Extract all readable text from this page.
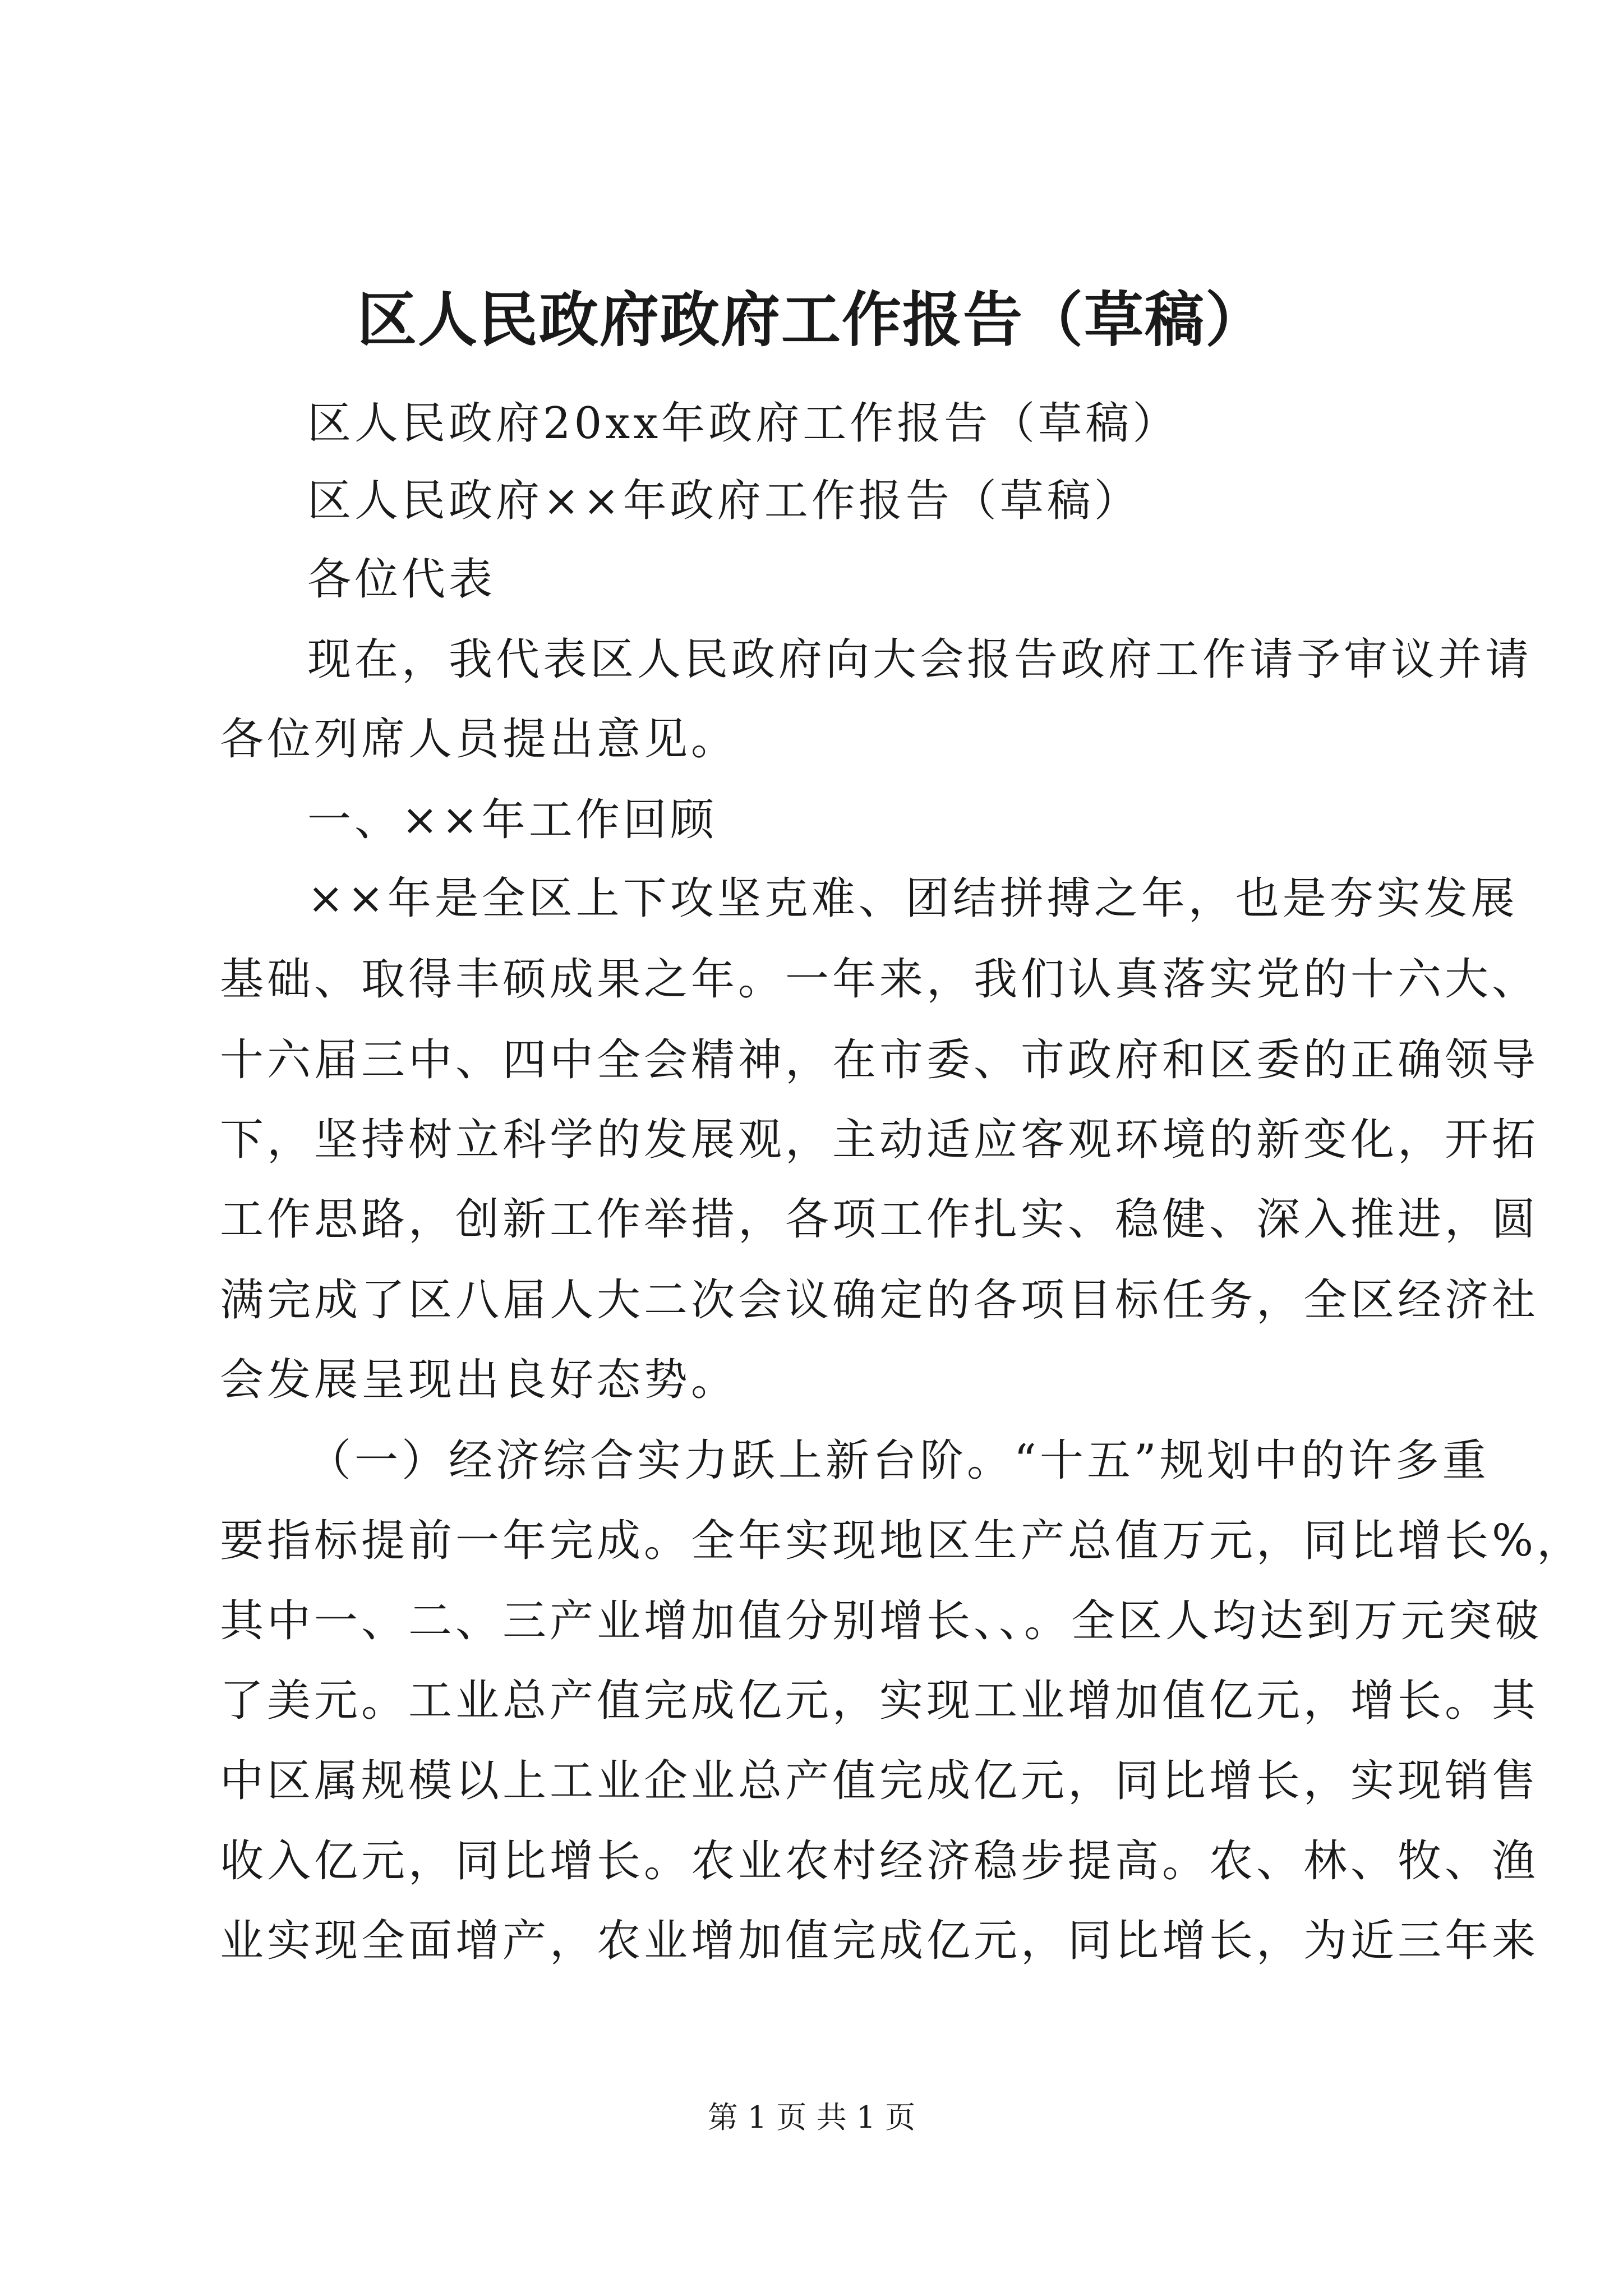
区人民政府政府工作报告（草稿）
区人民政府20xx年政府工作报告（草稿）
区人民政府××年政府工作报告（草稿）
各位代表
现在，我代表区人民政府向大会报告政府工作请予审议并请
各位列席人员提出意见。
一、××年工作回顾
××年是全区上下攻坚克难、团结拼搏之年，也是夯实发展
基础、取得丰硕成果之年。一年来，我们认真落实党的十六大、
十六届三中、四中全会精神，在市委、市政府和区委的正确领导
下，坚持树立科学的发展观，主动适应客观环境的新变化，开拓
工作思路，创新工作举措，各项工作扎实、稳健、深入推进，圆
满完成了区八届人大二次会议确定的各项目标任务，全区经济社
会发展呈现出良好态势。
（一）经济综合实力跃上新台阶。“十五”规划中的许多重
要指标提前一年完成。全年实现地区生产总值万元，同比增长%，
其中一、二、三产业增加值分别增长、、。全区人均达到万元突破
了美元。工业总产值完成亿元，实现工业增加值亿元，增长。其
中区属规模以上工业企业总产值完成亿元，同比增长，实现销售
收入亿元，同比增长。农业农村经济稳步提高。农、林、牧、渔
业实现全面增产，农业增加值完成亿元，同比增长，为近三年来
第 1 页 共 1 页
